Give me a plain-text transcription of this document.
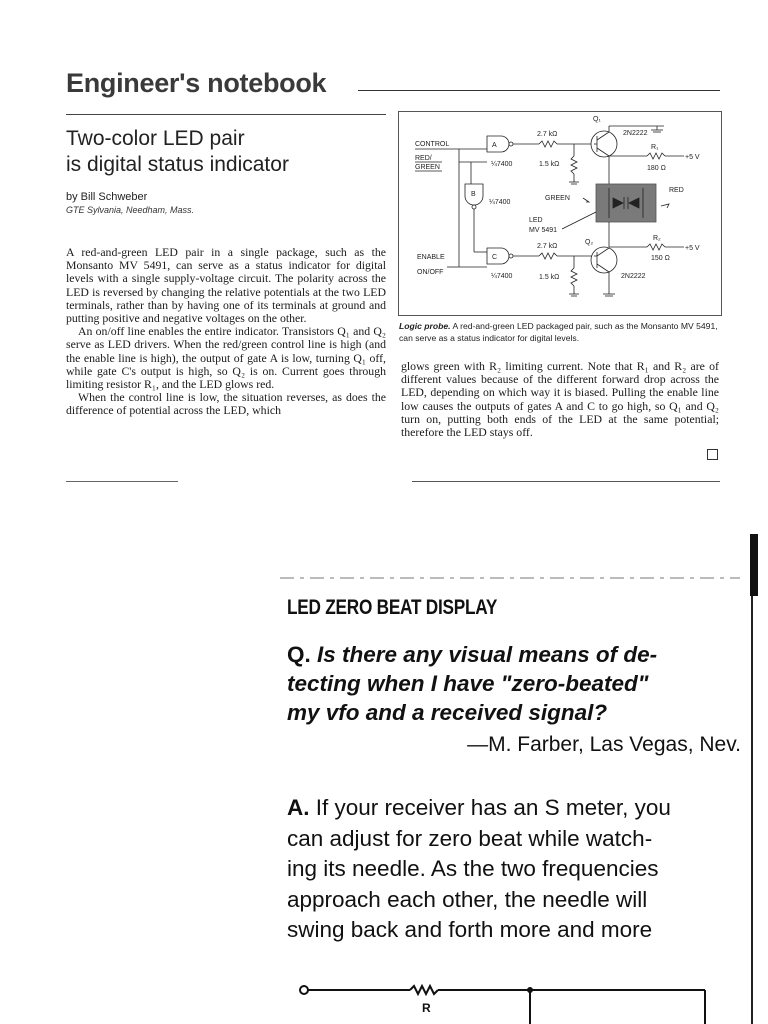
Engineer's notebook
Two-color LED pair
is digital status indicator
by Bill Schweber
GTE Sylvania, Needham, Mass.

A red-and-green LED pair in a single package, such as the Monsanto MV 5491, can serve as a status indicator for digital levels with a single supply-voltage circuit. The polarity across the LED is reversed by changing the relative potentials at the two LED terminals, rather than by having one of its terminals at ground and putting positive and negative voltages on the other.

An on/off line enables the entire indicator. Transistors Q₁ and Q₂ serve as LED drivers. When the red/green control line is high (and the enable line is high), the output of gate A is low, turning Q₁ off, while gate C's output is high, so Q₂ is on. Current goes through limiting resistor R₁, and the LED glows red.

When the control line is low, the situation reverses, as does the difference of potential across the LED, which

glows green with R₂ limiting current. Note that R₁ and R₂ are of different values because of the different forward drop across the LED, depending on which way it is biased. Pulling the enable line low causes the outputs of gates A and C to go high, so Q₁ and Q₂ turn on, putting both ends of the LED at the same potential; therefore the LED stays off.

CONTROL
RED/
GREEN
ENABLE
ON/OFF
A
¼7400
B
¼7400
C
¼7400
2.7 kΩ
1.5 kΩ
Q₁
2N2222
R₁
+5 V
180 Ω
GREEN
RED
LED
MV 5491
R₂
+5 V
150 Ω
2.7 kΩ
1.5 kΩ
Q₂
2N2222
Logic probe. A red-and-green LED packaged pair, such as the Monsanto MV 5491, can serve as a status indicator for digital levels.
LED ZERO BEAT DISPLAY
Q. Is there any visual means of de-
tecting when I have "zero-beated"
my vfo and a received signal?
—M. Farber, Las Vegas, Nev.
A. If your receiver has an S meter, you
can adjust for zero beat while watch-
ing its needle. As the two frequencies
approach each other, the needle will
swing back and forth more and more
R
